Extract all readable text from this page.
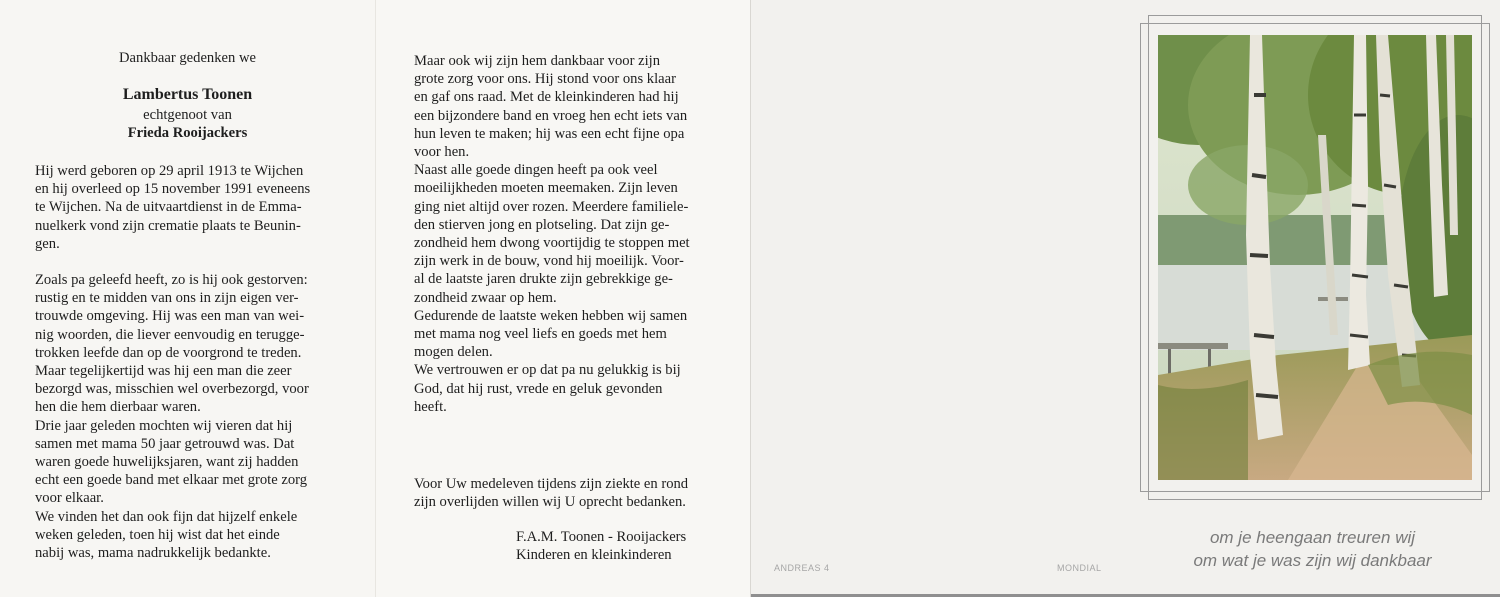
Dankbaar gedenken we
Lambertus Toonen
echtgenoot van
Frieda Rooijackers

Hij werd geboren op 29 april 1913 te Wijchen

en hij overleed op 15 november 1991 eveneens

te Wijchen. Na de uitvaartdienst in de Emma-

nuelkerk vond zijn crematie plaats te Beunin-

gen.

Zoals pa geleefd heeft, zo is hij ook gestorven:

rustig en te midden van ons in zijn eigen ver-

trouwde omgeving. Hij was een man van wei-

nig woorden, die liever eenvoudig en terugge-

trokken leefde dan op de voorgrond te treden.

Maar tegelijkertijd was hij een man die zeer

bezorgd was, misschien wel overbezorgd, voor

hen die hem dierbaar waren.

Drie jaar geleden mochten wij vieren dat hij

samen met mama 50 jaar getrouwd was. Dat

waren goede huwelijksjaren, want zij hadden

echt een goede band met elkaar met grote zorg

voor elkaar.

We vinden het dan ook fijn dat hijzelf enkele

weken geleden, toen hij wist dat het einde

nabij was, mama nadrukkelijk bedankte.

Maar ook wij zijn hem dankbaar voor zijn

grote zorg voor ons. Hij stond voor ons klaar

en gaf ons raad. Met de kleinkinderen had hij

een bijzondere band en vroeg hen echt iets van

hun leven te maken; hij was een echt fijne opa

voor hen.

Naast alle goede dingen heeft pa ook veel

moeilijkheden moeten meemaken. Zijn leven

ging niet altijd over rozen. Meerdere familiele-

den stierven jong en plotseling. Dat zijn ge-

zondheid hem dwong voortijdig te stoppen met

zijn werk in de bouw, vond hij moeilijk. Voor-

al de laatste jaren drukte zijn gebrekkige ge-

zondheid zwaar op hem.

Gedurende de laatste weken hebben wij samen

met mama nog veel liefs en goeds met hem

mogen delen.

We vertrouwen er op dat pa nu gelukkig is bij

God, dat hij rust, vrede en geluk gevonden

heeft.

Voor Uw medeleven tijdens zijn ziekte en rond

zijn overlijden willen wij U oprecht bedanken.

F.A.M. Toonen - Rooijackers
Kinderen en kleinkinderen
om je heengaan treuren wij
om wat je was zijn wij dankbaar
ANDREAS 4	MONDIAL
